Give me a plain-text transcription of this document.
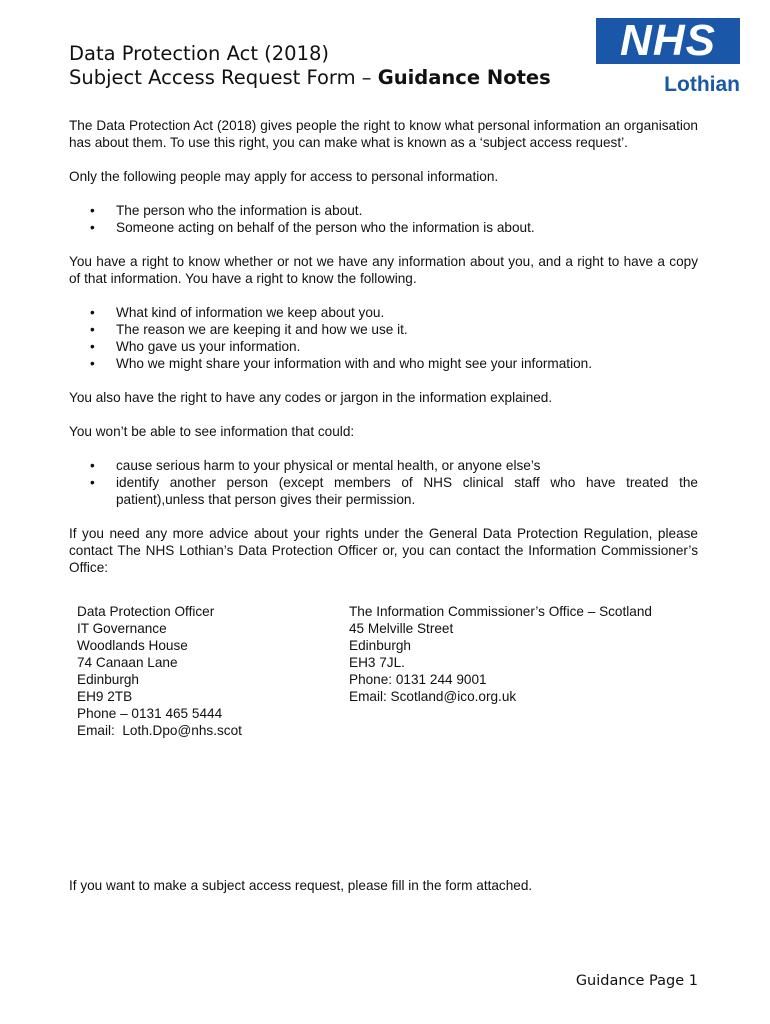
Data Protection Act (2018)
Subject Access Request Form – Guidance Notes
NHS
Lothian

The Data Protection Act (2018) gives people the right to know what personal information an organisation has about them. To use this right, you can make what is known as a ‘subject access request’.

Only the following people may apply for access to personal information.

• The person who the information is about.
• Someone acting on behalf of the person who the information is about.

You have a right to know whether or not we have any information about you, and a right to have a copy of that information. You have a right to know the following.

• What kind of information we keep about you.
• The reason we are keeping it and how we use it.
• Who gave us your information.
• Who we might share your information with and who might see your information.

You also have the right to have any codes or jargon in the information explained.

You won’t be able to see information that could:

• cause serious harm to your physical or mental health, or anyone else’s
• identify another person (except members of NHS clinical staff who have treated the patient),unless that person gives their permission.

If you need any more advice about your rights under the General Data Protection Regulation, please contact The NHS Lothian’s Data Protection Officer or, you can contact the Information Commissioner’s Office:

Data Protection Officer
IT Governance
Woodlands House
74 Canaan Lane
Edinburgh
EH9 2TB
Phone – 0131 465 5444
Email:  Loth.Dpo@nhs.scot
The Information Commissioner’s Office – Scotland
45 Melville Street
Edinburgh
EH3 7JL.
Phone: 0131 244 9001
Email: Scotland@ico.org.uk
If you want to make a subject access request, please fill in the form attached.
Guidance Page 1
